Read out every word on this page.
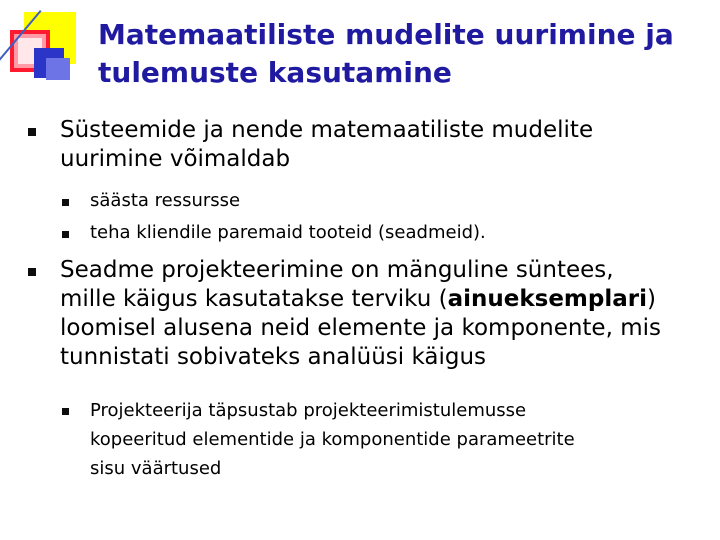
Matemaatiliste mudelite uurimine ja
tulemuste kasutamine
Süsteemide ja nende matemaatiliste mudelite
uurimine võimaldab
säästa ressursse
teha kliendile paremaid tooteid (seadmeid).
Seadme projekteerimine on mänguline süntees,
mille käigus kasutatakse terviku (ainueksemplari)
loomisel alusena neid elemente ja komponente, mis
tunnistati sobivateks analüüsi käigus
Projekteerija täpsustab projekteerimistulemusse
kopeeritud elementide ja komponentide parameetrite
sisu väärtused
